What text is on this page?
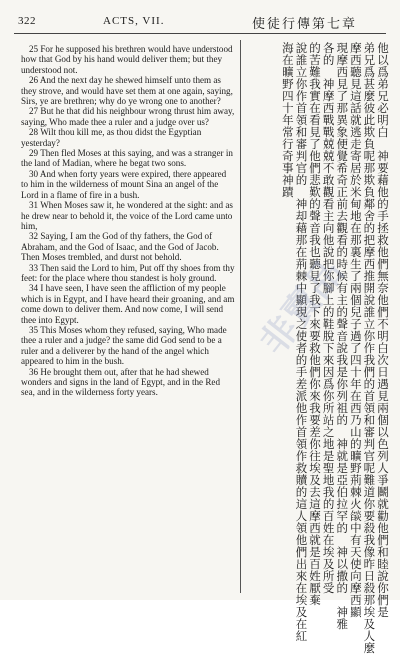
322	ACTS, VII.	使徒行傳第七章

25 For he supposed his brethren would have understood how that God by his hand would deliver them; but they understood not.

26 And the next day he shewed himself unto them as they strove, and would have set them at one again, saying, Sirs, ye are brethren; why do ye wrong one to another?

27 But he that did his neighbour wrong thrust him away, saying, Who made thee a ruler and a judge over us?

28 Wilt thou kill me, as thou didst the Egyptian yesterday?

29 Then fled Moses at this saying, and was a stranger in the land of Madian, where he begat two sons.

30 And when forty years were expired, there appeared to him in the wilderness of mount Sina an angel of the Lord in a flame of fire in a bush.

31 When Moses saw it, he wondered at the sight: and as he drew near to behold it, the voice of the Lord came unto him,

32 Saying, I am the God of thy fathers, the God of Abraham, and the God of Isaac, and the God of Jacob. Then Moses trembled, and durst not behold.

33 Then said the Lord to him, Put off thy shoes from thy feet: for the place where thou standest is holy ground.

34 I have seen, I have seen the affliction of my people which is in Egypt, and I have heard their groaning, and am come down to deliver them. And now come, I will send thee into Egypt.

35 This Moses whom they refused, saying, Who made thee a ruler and a judge? the same did God send to be a ruler and a deliverer by the hand of the angel which appeared to him in the bush.

36 He brought them out, after that he had shewed wonders and signs in the land of Egypt, and in the Red sea, and in the wilderness forty years.	他以爲弟兄必明白　神要藉他的手拯救他們無奈他們不明白次日遇見兩個以色列人爭鬭就勸他們和睦說你們是
弟兄爲甚麼彼此欺負呢那欺負鄰舍的把摩西推開說誰立你作我們的首領和審判官呢難道你要殺我像昨日殺那埃及人麼
摩西聽見這話就逃走寄居於米甸地在那裏生了兩個兒子過了四十年在西乃山的曠野荊棘火燄中有天使向摩西顯
現摩西見了那異象便覺希奇正前去觀看的時候有主的聲音說我是你列祖的　神就是亞伯拉罕的　神以撒的　神雅
各的　神摩西戰戰兢兢不敢觀看主向他說把你腳上的鞋脫下來因爲你所站之地是聖地我的百姓在埃及所受
的苦難我實在看見了他們悲歎的聲音我也聽見了我下來要救他們你來我要差你往埃及去這摩西就是百姓厭棄
說誰立你作首領和審判官的　神却藉那在荊棘中顯現之使者的手差派他作首領作救贖的這人領他們出來在埃及在紅
海在曠野四十年常行奇事神蹟
非賣品
